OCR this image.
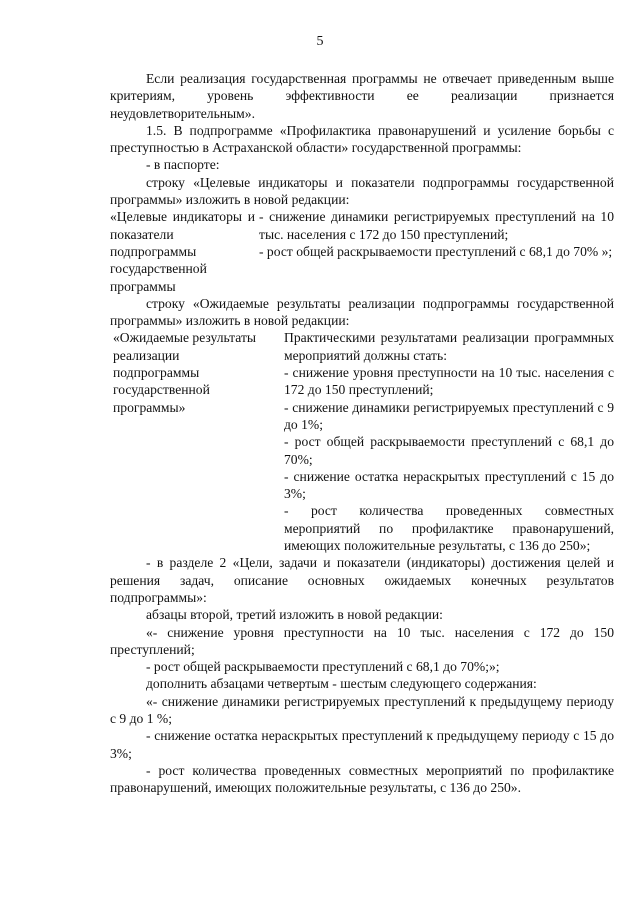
5

Если реализация государственная программы не отвечает приведенным выше критериям, уровень эффективности ее реализации признается неудовлетворительным».

1.5. В подпрограмме «Профилактика правонарушений и усиление борьбы с преступностью в Астраханской области» государственной программы:

- в паспорте:

строку «Целевые индикаторы и показатели подпрограммы государственной программы» изложить в новой редакции:

«Целевые индикаторы и показатели подпрограммы государственной программы
- снижение динамики регистрируемых преступлений на 10 тыс. населения с 172 до 150 преступлений;
- рост общей раскрываемости преступлений с 68,1 до 70% »;

строку «Ожидаемые результаты реализации подпрограммы государственной программы» изложить в новой редакции:

«Ожидаемые результаты реализации подпрограммы государственной программы»
Практическими результатами реализации программных мероприятий должны стать:
- снижение уровня преступности на 10 тыс. населения с 172 до 150 преступлений;
- снижение динамики регистрируемых преступлений с 9 до 1%;
- рост общей раскрываемости преступлений с 68,1 до 70%;
- снижение остатка нераскрытых преступлений с 15 до 3%;
- рост количества проведенных совместных мероприятий по профилактике правонарушений, имеющих положительные результаты, с 136 до 250»;

- в разделе 2 «Цели, задачи и показатели (индикаторы) достижения целей и решения задач, описание основных ожидаемых конечных результатов подпрограммы»:

абзацы второй, третий изложить в новой редакции:

«- снижение уровня преступности на 10 тыс. населения с 172 до 150 преступлений;

- рост общей раскрываемости преступлений с 68,1 до 70%;»;

дополнить абзацами четвертым - шестым следующего содержания:

«- снижение динамики регистрируемых преступлений к предыдущему периоду с 9 до 1 %;

- снижение остатка нераскрытых преступлений к предыдущему периоду с 15 до 3%;

- рост количества проведенных совместных мероприятий по профилактике правонарушений, имеющих положительные результаты, с 136 до 250».
